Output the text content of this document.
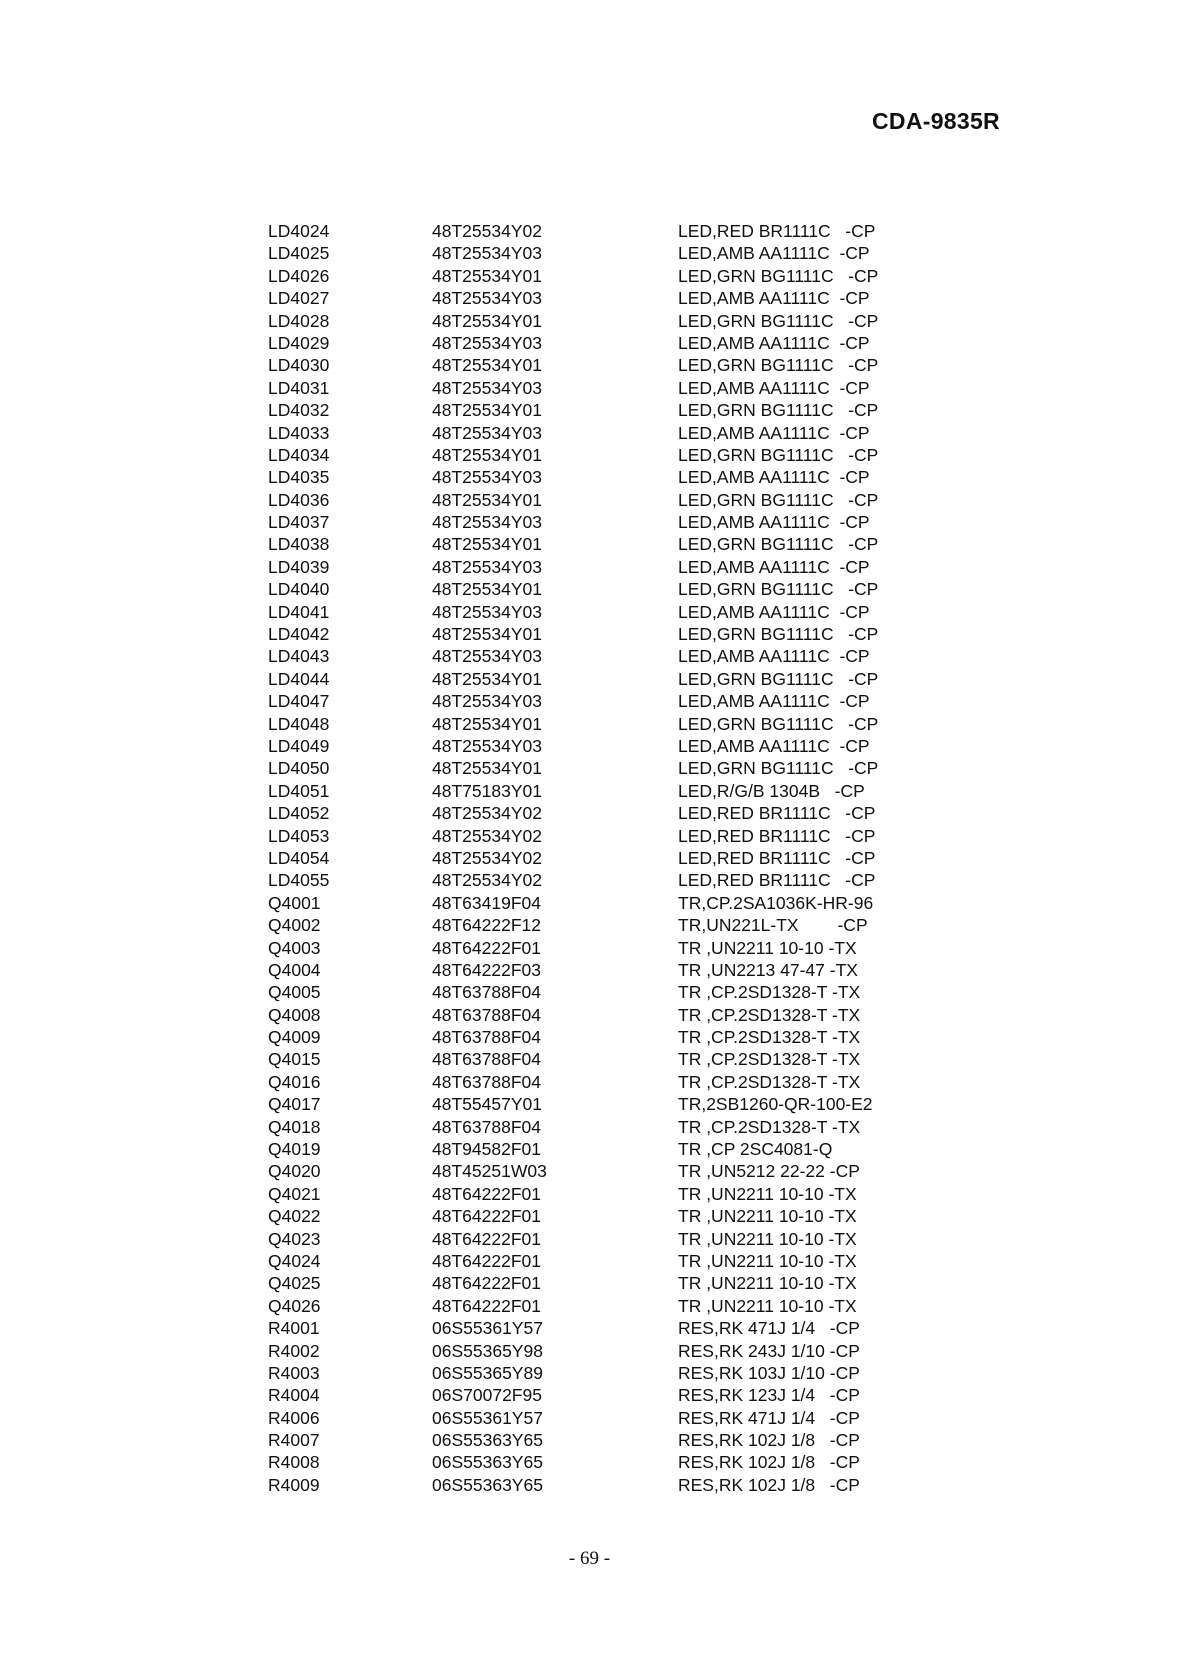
CDA-9835R
LD4024	48T25534Y02	LED,RED BR1111C   -CP
LD4025	48T25534Y03	LED,AMB AA1111C  -CP
LD4026	48T25534Y01	LED,GRN BG1111C   -CP
LD4027	48T25534Y03	LED,AMB AA1111C  -CP
LD4028	48T25534Y01	LED,GRN BG1111C   -CP
LD4029	48T25534Y03	LED,AMB AA1111C  -CP
LD4030	48T25534Y01	LED,GRN BG1111C   -CP
LD4031	48T25534Y03	LED,AMB AA1111C  -CP
LD4032	48T25534Y01	LED,GRN BG1111C   -CP
LD4033	48T25534Y03	LED,AMB AA1111C  -CP
LD4034	48T25534Y01	LED,GRN BG1111C   -CP
LD4035	48T25534Y03	LED,AMB AA1111C  -CP
LD4036	48T25534Y01	LED,GRN BG1111C   -CP
LD4037	48T25534Y03	LED,AMB AA1111C  -CP
LD4038	48T25534Y01	LED,GRN BG1111C   -CP
LD4039	48T25534Y03	LED,AMB AA1111C  -CP
LD4040	48T25534Y01	LED,GRN BG1111C   -CP
LD4041	48T25534Y03	LED,AMB AA1111C  -CP
LD4042	48T25534Y01	LED,GRN BG1111C   -CP
LD4043	48T25534Y03	LED,AMB AA1111C  -CP
LD4044	48T25534Y01	LED,GRN BG1111C   -CP
LD4047	48T25534Y03	LED,AMB AA1111C  -CP
LD4048	48T25534Y01	LED,GRN BG1111C   -CP
LD4049	48T25534Y03	LED,AMB AA1111C  -CP
LD4050	48T25534Y01	LED,GRN BG1111C   -CP
LD4051	48T75183Y01	LED,R/G/B 1304B   -CP
LD4052	48T25534Y02	LED,RED BR1111C   -CP
LD4053	48T25534Y02	LED,RED BR1111C   -CP
LD4054	48T25534Y02	LED,RED BR1111C   -CP
LD4055	48T25534Y02	LED,RED BR1111C   -CP
Q4001	48T63419F04	TR,CP.2SA1036K-HR-96
Q4002	48T64222F12	TR,UN221L-TX        -CP
Q4003	48T64222F01	TR ,UN2211 10-10 -TX
Q4004	48T64222F03	TR ,UN2213 47-47 -TX
Q4005	48T63788F04	TR ,CP.2SD1328-T -TX
Q4008	48T63788F04	TR ,CP.2SD1328-T -TX
Q4009	48T63788F04	TR ,CP.2SD1328-T -TX
Q4015	48T63788F04	TR ,CP.2SD1328-T -TX
Q4016	48T63788F04	TR ,CP.2SD1328-T -TX
Q4017	48T55457Y01	TR,2SB1260-QR-100-E2
Q4018	48T63788F04	TR ,CP.2SD1328-T -TX
Q4019	48T94582F01	TR ,CP 2SC4081-Q
Q4020	48T45251W03	TR ,UN5212 22-22 -CP
Q4021	48T64222F01	TR ,UN2211 10-10 -TX
Q4022	48T64222F01	TR ,UN2211 10-10 -TX
Q4023	48T64222F01	TR ,UN2211 10-10 -TX
Q4024	48T64222F01	TR ,UN2211 10-10 -TX
Q4025	48T64222F01	TR ,UN2211 10-10 -TX
Q4026	48T64222F01	TR ,UN2211 10-10 -TX
R4001	06S55361Y57	RES,RK 471J 1/4   -CP
R4002	06S55365Y98	RES,RK 243J 1/10 -CP
R4003	06S55365Y89	RES,RK 103J 1/10 -CP
R4004	06S70072F95	RES,RK 123J 1/4   -CP
R4006	06S55361Y57	RES,RK 471J 1/4   -CP
R4007	06S55363Y65	RES,RK 102J 1/8   -CP
R4008	06S55363Y65	RES,RK 102J 1/8   -CP
R4009	06S55363Y65	RES,RK 102J 1/8   -CP
- 69 -
